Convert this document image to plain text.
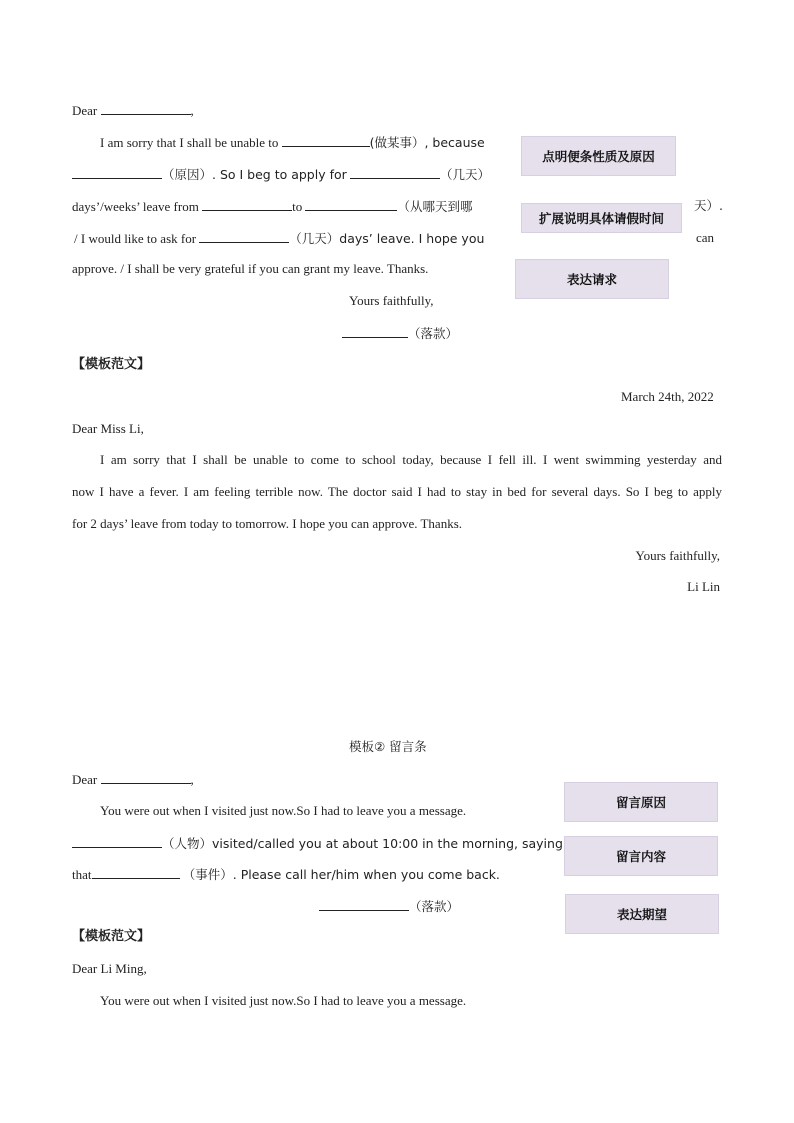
Dear	,
I am sorry that I shall be unable to	(做某事）, because
（原因）. So I beg to apply for	（几天）
days’/weeks’ leave from	to	（从哪天到哪	天）.
/ I would like to ask for	（几天）days’ leave. I hope you	can
approve. / I shall be very grateful if you can grant my leave. Thanks.
Yours faithfully,
（落款）
点明便条性质及原因
扩展说明具体请假时间
表达请求
【模板范文】
March 24th, 2022
Dear Miss Li,
I am sorry that I shall be unable to come to school today, because I fell ill. I went swimming yesterday and
now I have a fever. I am feeling terrible now. The doctor said I had to stay in bed for several days. So I beg to apply
for 2 days’ leave from today to tomorrow. I hope you can approve. Thanks.
Yours faithfully,
Li Lin
模板② 留言条
Dear	,
You were out when I visited just now.So I had to leave you a message.
（人物）visited/called you at about 10:00 in the morning, saying
that	（事件）. Please call her/him when you come back.
（落款）
留言原因
留言内容
表达期望
【模板范文】
Dear Li Ming,
You were out when I visited just now.So I had to leave you a message.
